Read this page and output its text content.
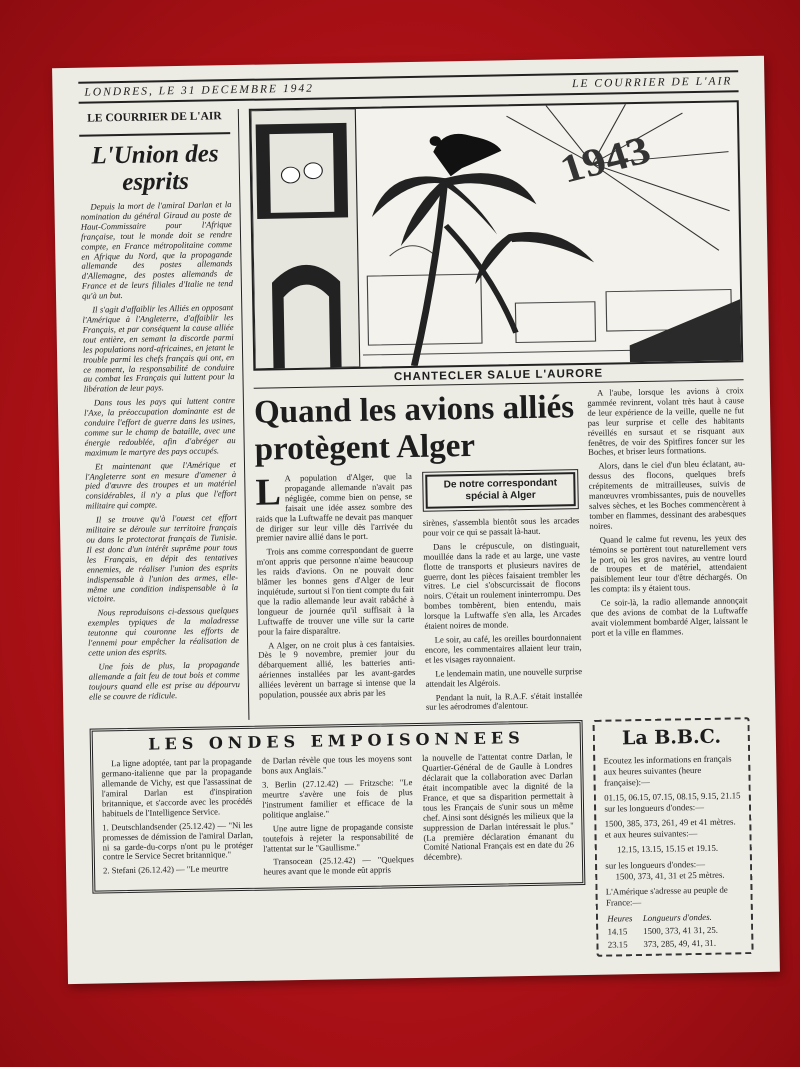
LONDRES, LE 31 DECEMBRE 1942	LE COURRIER DE L'AIR
LE COURRIER DE L'AIR
L'Union des esprits

Depuis la mort de l'amiral Darlan et la nomination du général Giraud au poste de Haut-Commissaire pour l'Afrique française, tout le monde doit se rendre compte, en France métropolitaine comme en Afrique du Nord, que la propagande allemande des postes allemands d'Allemagne, des postes allemands de France et de leurs filiales d'Italie ne tend qu'à un but.

Il s'agit d'affaiblir les Alliés en opposant l'Amérique à l'Angleterre, d'affaiblir les Français, et par conséquent la cause alliée tout entière, en semant la discorde parmi les populations nord-africaines, en jetant le trouble parmi les chefs français qui ont, en ce moment, la responsabilité de conduire au combat les Français qui luttent pour la libération de leur pays.

Dans tous les pays qui luttent contre l'Axe, la préoccupation dominante est de conduire l'effort de guerre dans les usines, comme sur le champ de bataille, avec une énergie redoublée, afin d'abréger au maximum le martyre des pays occupés.

Et maintenant que l'Amérique et l'Angleterre sont en mesure d'amener à pied d'œuvre des troupes et un matériel considérables, il n'y a plus que l'effort militaire qui compte.

Il se trouve qu'à l'ouest cet effort militaire se déroule sur territoire français ou dans le protectorat français de Tunisie. Il est donc d'un intérêt suprême pour tous les Français, en dépit des tentatives ennemies, de réaliser l'union des esprits indispensable à l'union des armes, elle-même une condition indispensable à la victoire.

Nous reproduisons ci-dessous quelques exemples typiques de la maladresse teutonne qui couronne les efforts de l'ennemi pour empêcher la réalisation de cette union des esprits.

Une fois de plus, la propagande allemande a fait feu de tout bois et comme toujours quand elle est prise au dépourvu elle se couvre de ridicule.

1943
CHANTECLER SALUE L'AURORE
Quand les avions alliés protègent Alger
L A population d'Alger, que la propagande allemande n'avait pas négligée, comme bien on pense, se faisait une idée assez sombre des raids que la Luftwaffe ne devait pas manquer de diriger sur leur ville dès l'arrivée du premier navire allié dans le port.

Trois ans comme correspondant de guerre m'ont appris que personne n'aime beaucoup les raids d'avions. On ne pouvait donc blâmer les bonnes gens d'Alger de leur inquiétude, surtout si l'on tient compte du fait que la radio allemande leur avait rabâché à longueur de journée qu'il suffisait à la Luftwaffe de trouver une ville sur la carte pour la faire disparaître.

A Alger, on ne croit plus à ces fantaisies. Dès le 9 novembre, premier jour du débarquement allié, les batteries anti-aériennes installées par les avant-gardes alliées levèrent un barrage si intense que la population, poussée aux abris par les

De notre correspondant spécial à Alger

sirènes, s'assembla bientôt sous les arcades pour voir ce qui se passait là-haut.

Dans le crépuscule, on distinguait, mouillée dans la rade et au large, une vaste flotte de transports et plusieurs navires de guerre, dont les pièces faisaient trembler les vitres. Le ciel s'obscurcissait de flocons noirs. C'était un roulement ininterrompu. Des bombes tombèrent, bien entendu, mais lorsque la Luftwaffe s'en alla, les Arcades étaient noires de monde.

Le soir, au café, les oreilles bourdonnaient encore, les commentaires allaient leur train, et les visages rayonnaient.

Le lendemain matin, une nouvelle surprise attendait les Algérois.

Pendant la nuit, la R.A.F. s'était installée sur les aérodromes d'alentour.

A l'aube, lorsque les avions à croix gammée revinrent, volant très haut à cause de leur expérience de la veille, quelle ne fut pas leur surprise et celle des habitants réveillés en sursaut et se risquant aux fenêtres, de voir des Spitfires foncer sur les Boches, et briser leurs formations.

Alors, dans le ciel d'un bleu éclatant, au-dessus des flocons, quelques brefs crépitements de mitrailleuses, suivis de manœuvres vrombissantes, puis de nouvelles salves sèches, et les Boches commencèrent à tomber en flammes, dessinant des arabesques noires.

Quand le calme fut revenu, les yeux des témoins se portèrent tout naturellement vers le port, où les gros navires, au ventre lourd de troupes et de matériel, attendaient paisiblement leur tour d'être déchargés. On les compta: ils y étaient tous.

Ce soir-là, la radio allemande annonçait que des avions de combat de la Luftwaffe avait violemment bombardé Alger, laissant le port et la ville en flammes.

LES ONDES EMPOISONNEES

La ligne adoptée, tant par la propagande germano-italienne que par la propagande allemande de Vichy, est que l'assassinat de l'amiral Darlan est d'inspiration britannique, et s'accorde avec les procédés habituels de l'Intelligence Service.

1. Deutschlandsender (25.12.42) — "Ni les promesses de démission de l'amiral Darlan, ni sa garde-du-corps n'ont pu le protéger contre le Service Secret britannique."

2. Stefani (26.12.42) — "Le meurtre

de Darlan révèle que tous les moyens sont bons aux Anglais."

3. Berlin (27.12.42) — Fritzsche: "Le meurtre s'avère une fois de plus l'instrument familier et efficace de la politique anglaise."

Une autre ligne de propagande consiste toutefois à rejeter la responsabilité de l'attentat sur le "Gaullisme."

Transocean (25.12.42) — "Quelques heures avant que le monde eût appris

la nouvelle de l'attentat contre Darlan, le Quartier-Général de de Gaulle à Londres déclarait que la collaboration avec Darlan était incompatible avec la dignité de la France, et que sa disparition permettait à tous les Français de s'unir sous un même chef. Ainsi sont désignés les milieux que la suppression de Darlan intéressait le plus." (La première déclaration émanant du Comité National Français est en date du 26 décembre).

La B.B.C.

Ecoutez les informations en français aux heures suivantes (heure française):—

01.15, 06.15, 07.15, 08.15, 9.15, 21.15 sur les longueurs d'ondes:—

1500, 385, 373, 261, 49 et 41 mètres. et aux heures suivantes:—

12.15, 13.15, 15.15 et 19.15.

sur les longueurs d'ondes:—

1500, 373, 41, 31 et 25 mètres.

L'Amérique s'adresse au peuple de France:—

Heures	Longueurs d'ondes.
14.15	1500, 373, 41 31, 25.
23.15	373, 285, 49, 41, 31.
